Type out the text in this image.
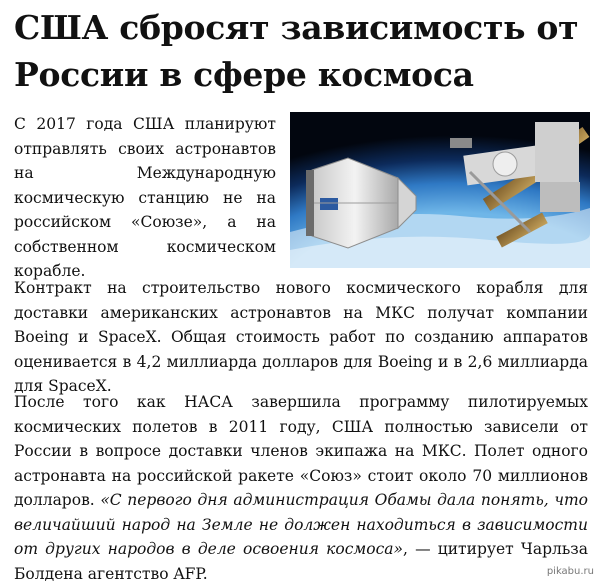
США сбросят зависимость от России в сфере космоса

С 2017 года США планируют отправлять своих астронавтов на Международную космическую станцию не на российском «Союзе», а на собственном космическом корабле.

Контракт на строительство нового космического корабля для доставки американских астронавтов на МКС получат компании Boeing и SpaceX. Общая стоимость работ по созданию аппаратов оценивается в 4,2 миллиарда долларов для Boeing и в 2,6 миллиарда для SpaceX.

После того как НАСА завершила программу пилотируемых космических полетов в 2011 году, США полностью зависели от России в вопросе доставки членов экипажа на МКС. Полет одного астронавта на российской ракете «Союз» стоит около 70 миллионов долларов. «С первого дня администрация Обамы дала понять, что величайший народ на Земле не должен находиться в зависимости от других народов в деле освоения космоса», — цитирует Чарльза Болдена агентство AFP.	pikabu.ru
